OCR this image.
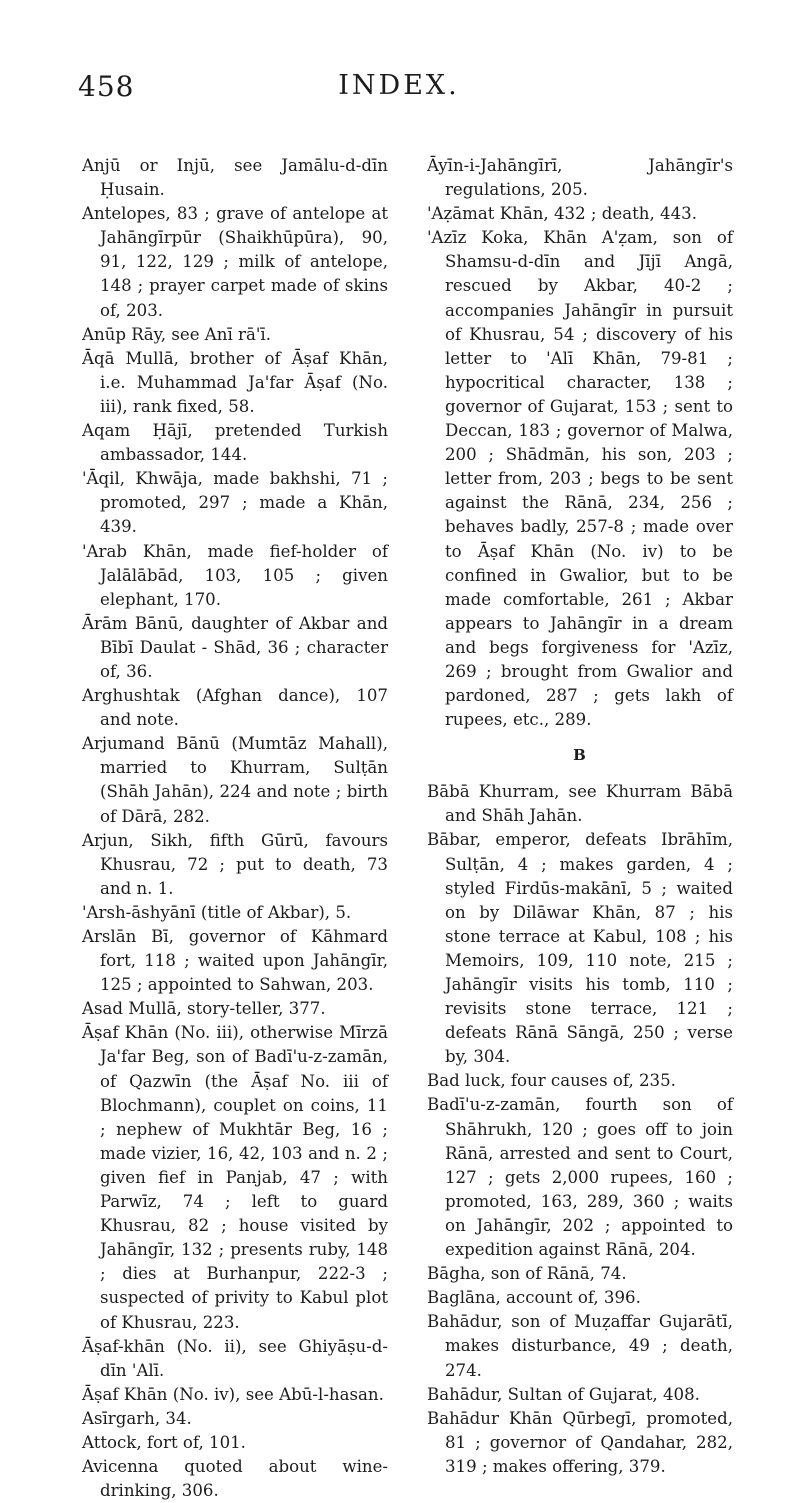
458	INDEX.
Anjū or Injū, see Jamālu-d-dīn Ḥusain.
Antelopes, 83 ; grave of antelope at Jahāngīrpūr (Shaikhūpūra), 90, 91, 122, 129 ; milk of antelope, 148 ; prayer carpet made of skins of, 203.
Anūp Rāy, see Anī rā'ī.
Āqā Mullā, brother of Āṣaf Khān, i.e. Muhammad Ja'far Āṣaf (No. iii), rank fixed, 58.
Aqam Ḥājī, pretended Turkish ambassador, 144.
'Āqil, Khwāja, made bakhshi, 71 ; promoted, 297 ; made a Khān, 439.
'Arab Khān, made fief-holder of Jalālābād, 103, 105 ; given elephant, 170.
Ārām Bānū, daughter of Akbar and Bībī Daulat - Shād, 36 ; character of, 36.
Arghushtak (Afghan dance), 107 and note.
Arjumand Bānū (Mumtāz Mahall), married to Khurram, Sulṭān (Shāh Jahān), 224 and note ; birth of Dārā, 282.
Arjun, Sikh, fifth Gūrū, favours Khusrau, 72 ; put to death, 73 and n. 1.
'Arsh-āshyānī (title of Akbar), 5.
Arslān Bī, governor of Kāhmard fort, 118 ; waited upon Jahāngīr, 125 ; appointed to Sahwan, 203.
Asad Mullā, story-teller, 377.
Āṣaf Khān (No. iii), otherwise Mīrzā Ja'far Beg, son of Badī'u-z-zamān, of Qazwīn (the Āṣaf No. iii of Blochmann), couplet on coins, 11 ; nephew of Mukhtār Beg, 16 ; made vizier, 16, 42, 103 and n. 2 ; given fief in Panjab, 47 ; with Parwīz, 74 ; left to guard Khusrau, 82 ; house visited by Jahāngīr, 132 ; presents ruby, 148 ; dies at Burhanpur, 222-3 ; suspected of privity to Kabul plot of Khusrau, 223.
Āṣaf-khān (No. ii), see Ghiyāṣu-d-dīn 'Alī.
Āṣaf Khān (No. iv), see Abū-l-hasan.
Asīrgarh, 34.
Attock, fort of, 101.
Avicenna quoted about wine-drinking, 306.
Āyīn-i-Jahāngīrī, Jahāngīr's regulations, 205.
'Aẓāmat Khān, 432 ; death, 443.
'Azīz Koka, Khān A'ẓam, son of Shamsu-d-dīn and Jījī Angā, rescued by Akbar, 40-2 ; accompanies Jahāngīr in pursuit of Khusrau, 54 ; discovery of his letter to 'Alī Khān, 79-81 ; hypocritical character, 138 ; governor of Gujarat, 153 ; sent to Deccan, 183 ; governor of Malwa, 200 ; Shādmān, his son, 203 ; letter from, 203 ; begs to be sent against the Rānā, 234, 256 ; behaves badly, 257-8 ; made over to Āṣaf Khān (No. iv) to be confined in Gwalior, but to be made comfortable, 261 ; Akbar appears to Jahāngīr in a dream and begs forgiveness for 'Azīz, 269 ; brought from Gwalior and pardoned, 287 ; gets lakh of rupees, etc., 289.
B
Bābā Khurram, see Khurram Bābā and Shāh Jahān.
Bābar, emperor, defeats Ibrāhīm, Sulṭān, 4 ; makes garden, 4 ; styled Firdūs-makānī, 5 ; waited on by Dilāwar Khān, 87 ; his stone terrace at Kabul, 108 ; his Memoirs, 109, 110 note, 215 ; Jahāngīr visits his tomb, 110 ; revisits stone terrace, 121 ; defeats Rānā Sāngā, 250 ; verse by, 304.
Bad luck, four causes of, 235.
Badī'u-z-zamān, fourth son of Shāhrukh, 120 ; goes off to join Rānā, arrested and sent to Court, 127 ; gets 2,000 rupees, 160 ; promoted, 163, 289, 360 ; waits on Jahāngīr, 202 ; appointed to expedition against Rānā, 204.
Bāgha, son of Rānā, 74.
Baglāna, account of, 396.
Bahādur, son of Muẓaffar Gujarātī, makes disturbance, 49 ; death, 274.
Bahādur, Sultan of Gujarat, 408.
Bahādur Khān Qūrbegī, promoted, 81 ; governor of Qandahar, 282, 319 ; makes offering, 379.
